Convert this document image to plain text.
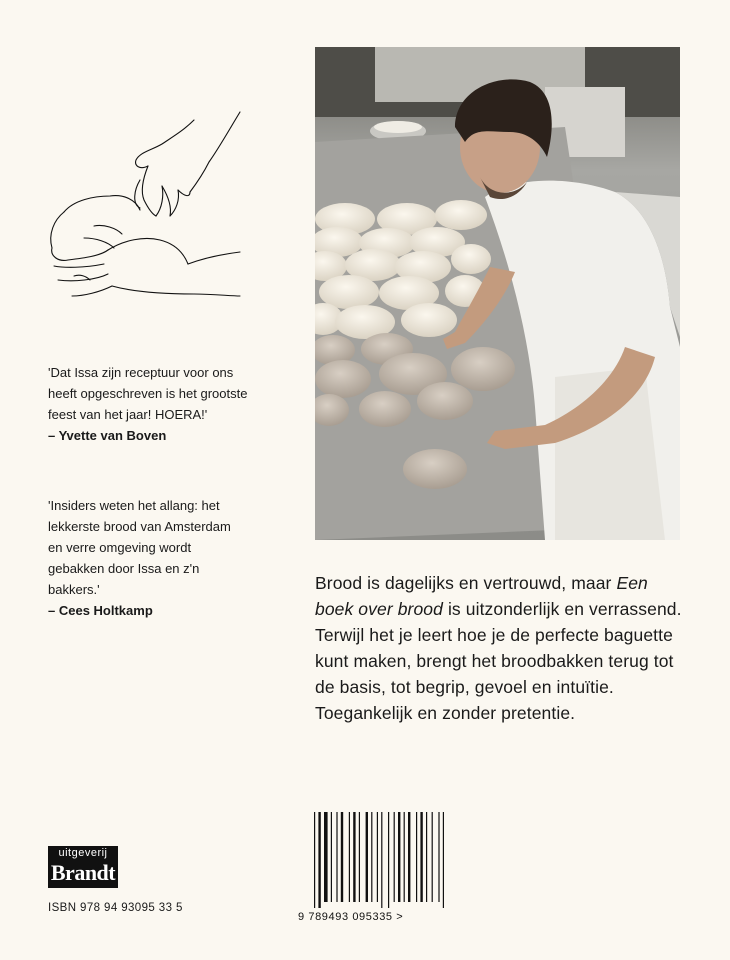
'Dat Issa zijn receptuur voor ons heeft opgeschreven is het grootste feest van het jaar! HOERA!'

– Yvette van Boven

'Insiders weten het allang: het lekkerste brood van Amsterdam en verre omgeving wordt gebakken door Issa en z'n bakkers.'

– Cees Holtkamp

Brood is dagelijks en vertrouwd, maar Een boek over brood is uitzonderlijk en verrassend. Terwijl het je leert hoe je de perfecte baguette kunt maken, brengt het broodbakken terug tot de basis, tot begrip, gevoel en intuïtie. Toegankelijk en zonder pretentie.

uitgeverij
Brandt
ISBN 978 94 93095 33 5
9 789493 095335 >
